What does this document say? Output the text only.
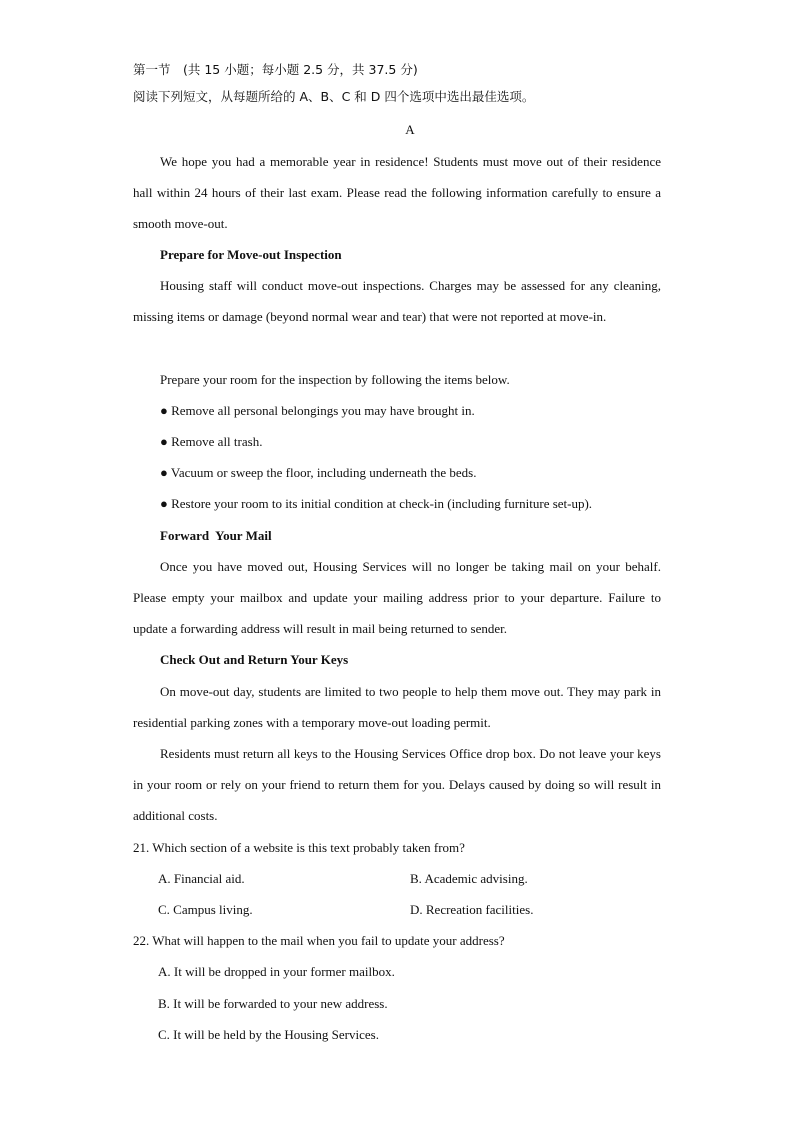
第一节　(共 15 小题；每小题 2.5 分，共 37.5 分)
阅读下列短文，从每题所给的 A、B、C 和 D 四个选项中选出最佳选项。
A
We hope you had a memorable year in residence! Students must move out of their residence hall within 24 hours of their last exam. Please read the following information carefully to ensure a smooth move-out.
Prepare for Move-out Inspection
Housing staff will conduct move-out inspections. Charges may be assessed for any cleaning, missing items or damage (beyond normal wear and tear) that were not reported at move-in.
Prepare your room for the inspection by following the items below.
● Remove all personal belongings you may have brought in.
● Remove all trash.
● Vacuum or sweep the floor, including underneath the beds.
● Restore your room to its initial condition at check-in (including furniture set-up).
Forward  Your Mail
Once you have moved out, Housing Services will no longer be taking mail on your behalf. Please empty your mailbox and update your mailing address prior to your departure. Failure to update a forwarding address will result in mail being returned to sender.
Check Out and Return Your Keys
On move-out day, students are limited to two people to help them move out. They may park in residential parking zones with a temporary move-out loading permit.
Residents must return all keys to the Housing Services Office drop box. Do not leave your keys in your room or rely on your friend to return them for you. Delays caused by doing so will result in additional costs.
21. Which section of a website is this text probably taken from?
A. Financial aid.	B. Academic advising.
C. Campus living.	D. Recreation facilities.
22. What will happen to the mail when you fail to update your address?
A. It will be dropped in your former mailbox.
B. It will be forwarded to your new address.
C. It will be held by the Housing Services.
